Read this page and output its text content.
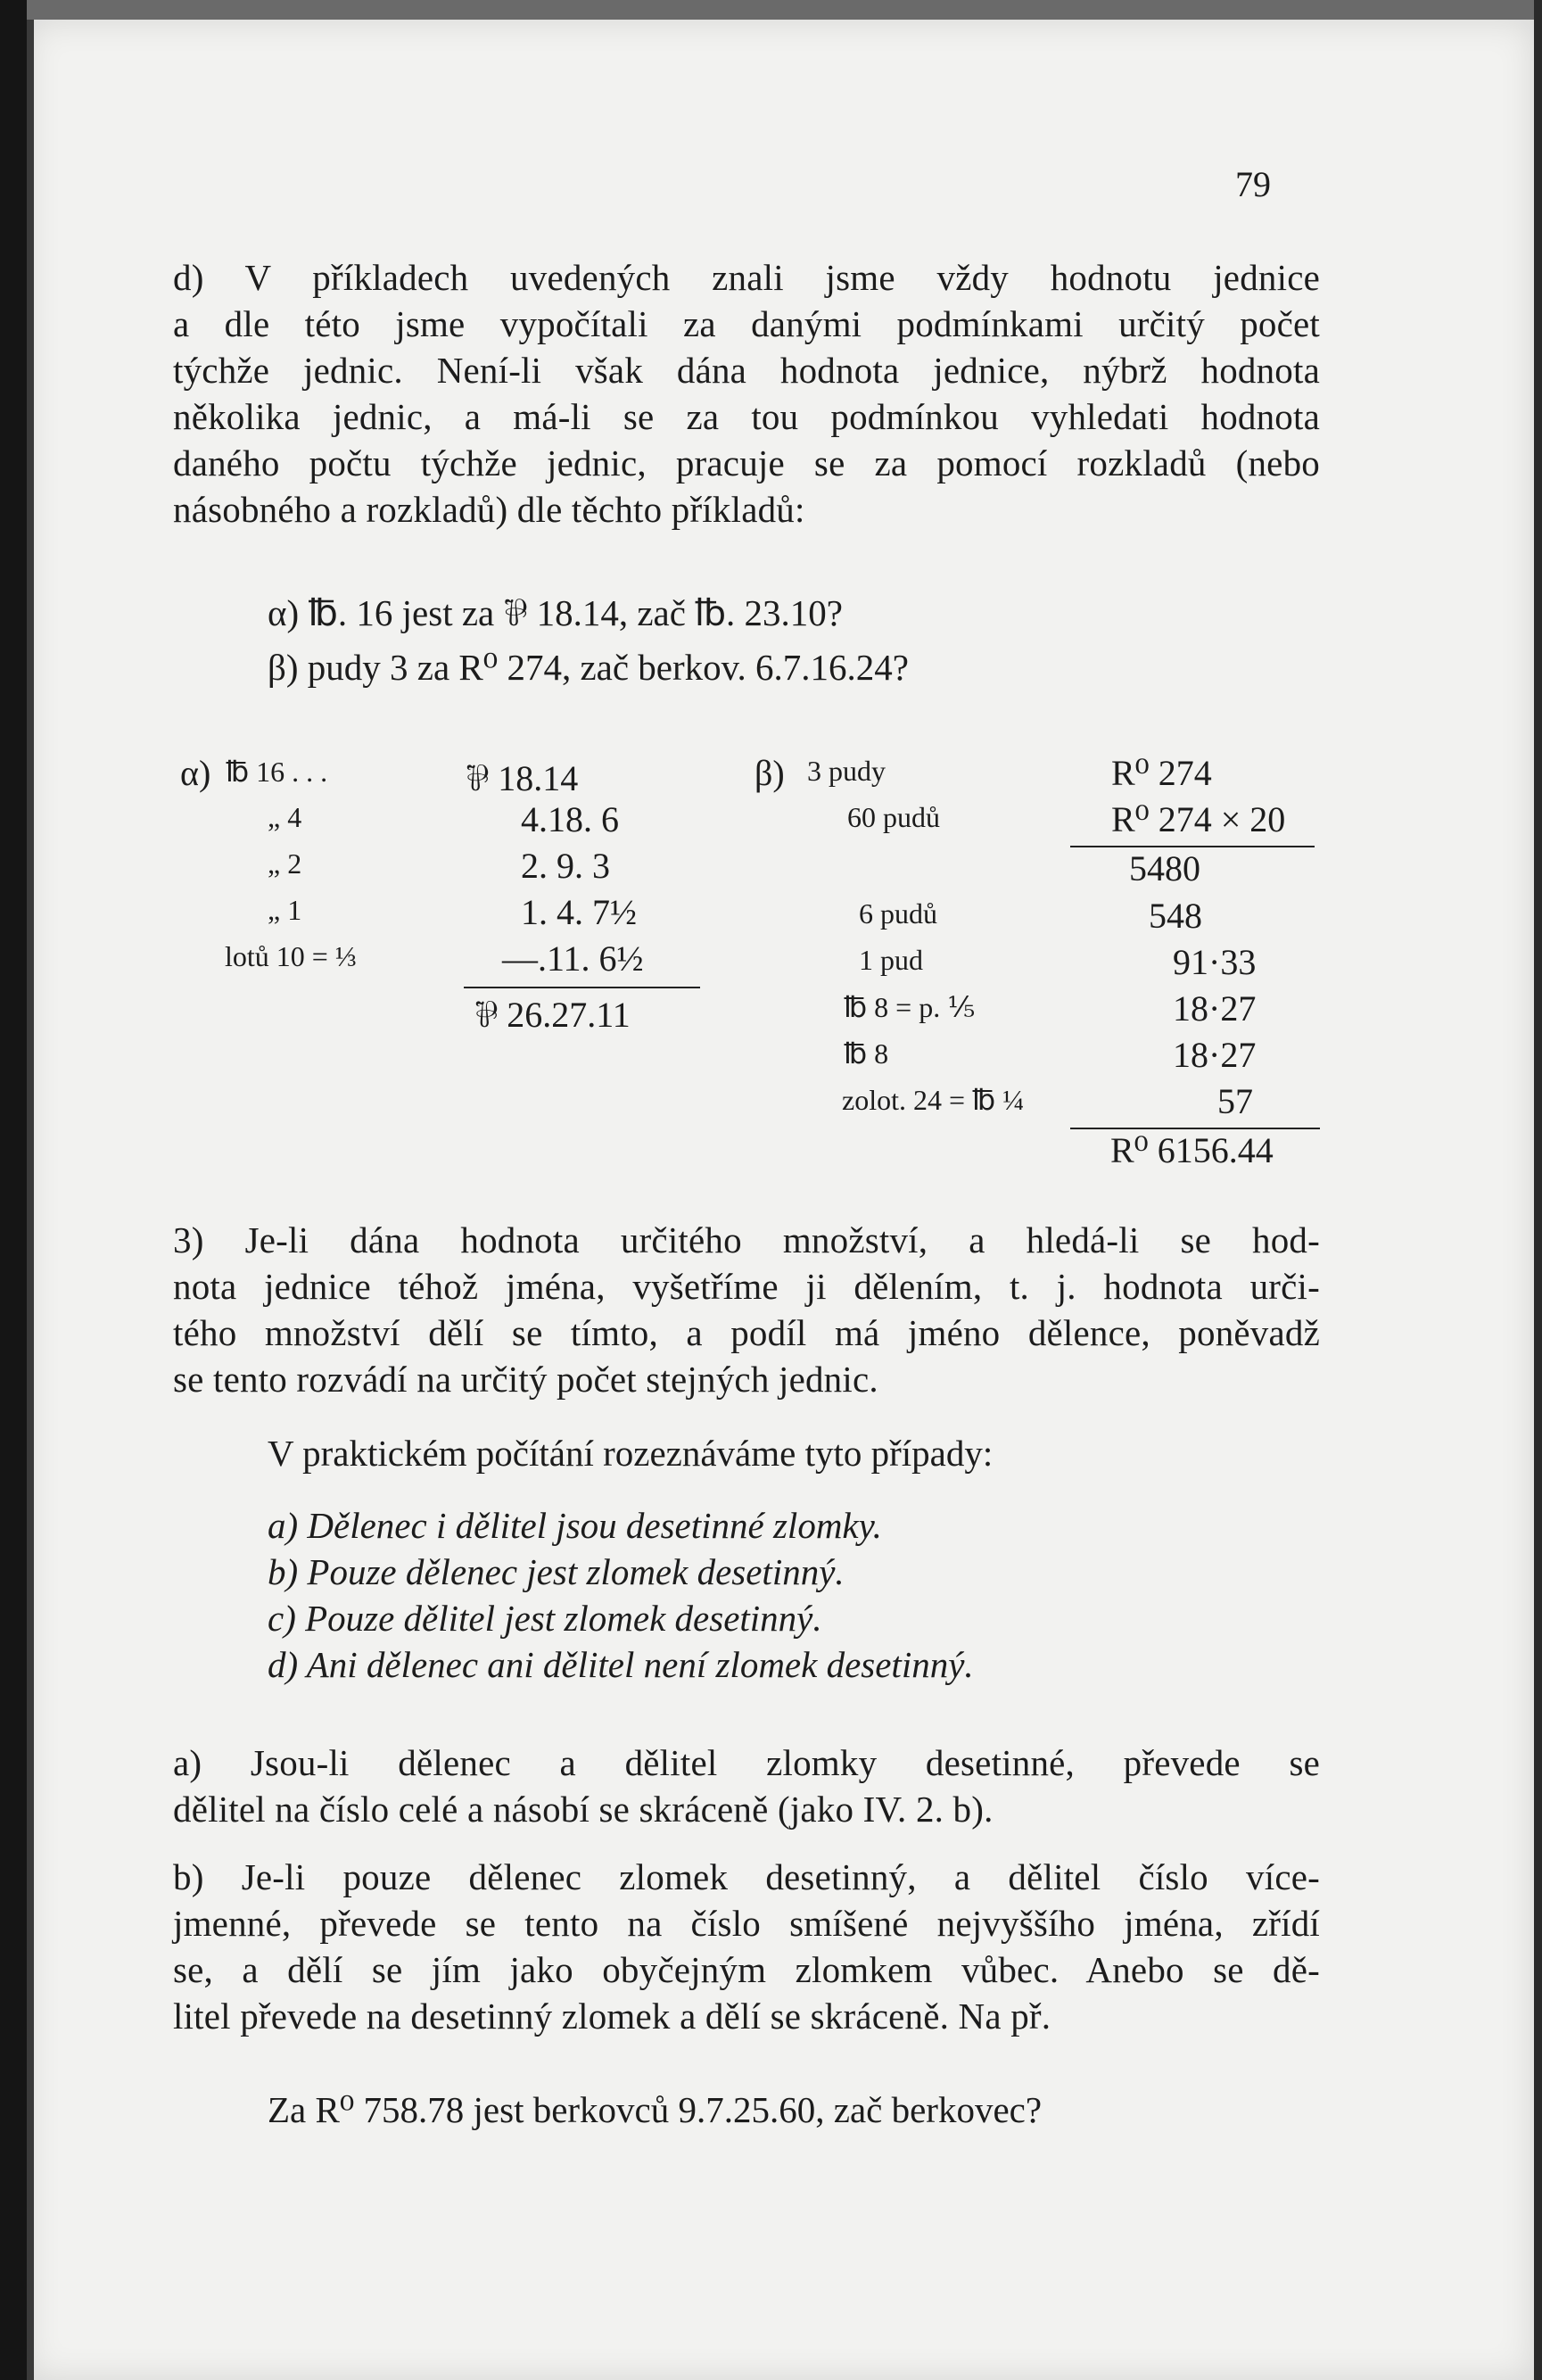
79

d) V příkladech uvedených znali jsme vždy hodnotu jednice

a dle této jsme vypočítali za danými podmínkami určitý počet

týchže jednic. Není-li však dána hodnota jednice, nýbrž hodnota

několika jednic, a má-li se za tou podmínkou vyhledati hodnota

daného počtu týchže jednic, pracuje se za pomocí rozkladů (nebo

násobného a rozkladů) dle těchto příkladů:

α) ℔. 16 jest za ⅌ 18.14, zač ℔. 23.10?
β) pudy 3 za R⁰ 274, zač berkov. 6.7.16.24?
α) ℔ 16 . . .	⅌ 18.14
„ 4	4.18. 6
„ 2	2. 9. 3
„ 1	1. 4. 7½
lotů 10 = ⅓	—.11. 6½
⅌ 26.27.11
β) 3 pudy	R⁰ 274
60 pudů	R⁰ 274 × 20
5480
6 pudů	548
1 pud	91·33
℔ 8 = p. ⅕	18·27
℔ 8	18·27
zolot. 24 = ℔ ¼	57
R⁰ 6156.44

3) Je-li dána hodnota určitého množství, a hledá-li se hod-

nota jednice téhož jména, vyšetříme ji dělením, t. j. hodnota urči-

tého množství dělí se tímto, a podíl má jméno dělence, poněvadž

se tento rozvádí na určitý počet stejných jednic.

V praktickém počítání rozeznáváme tyto případy:
a) Dělenec i dělitel jsou desetinné zlomky.
b) Pouze dělenec jest zlomek desetinný.
c) Pouze dělitel jest zlomek desetinný.
d) Ani dělenec ani dělitel není zlomek desetinný.

a) Jsou-li dělenec a dělitel zlomky desetinné, převede se

dělitel na číslo celé a násobí se skráceně (jako IV. 2. b).

b) Je-li pouze dělenec zlomek desetinný, a dělitel číslo více-

jmenné, převede se tento na číslo smíšené nejvyššího jména, zřídí

se, a dělí se jím jako obyčejným zlomkem vůbec. Anebo se dě-

litel převede na desetinný zlomek a dělí se skráceně. Na př.

Za R⁰ 758.78 jest berkovců 9.7.25.60, zač berkovec?
